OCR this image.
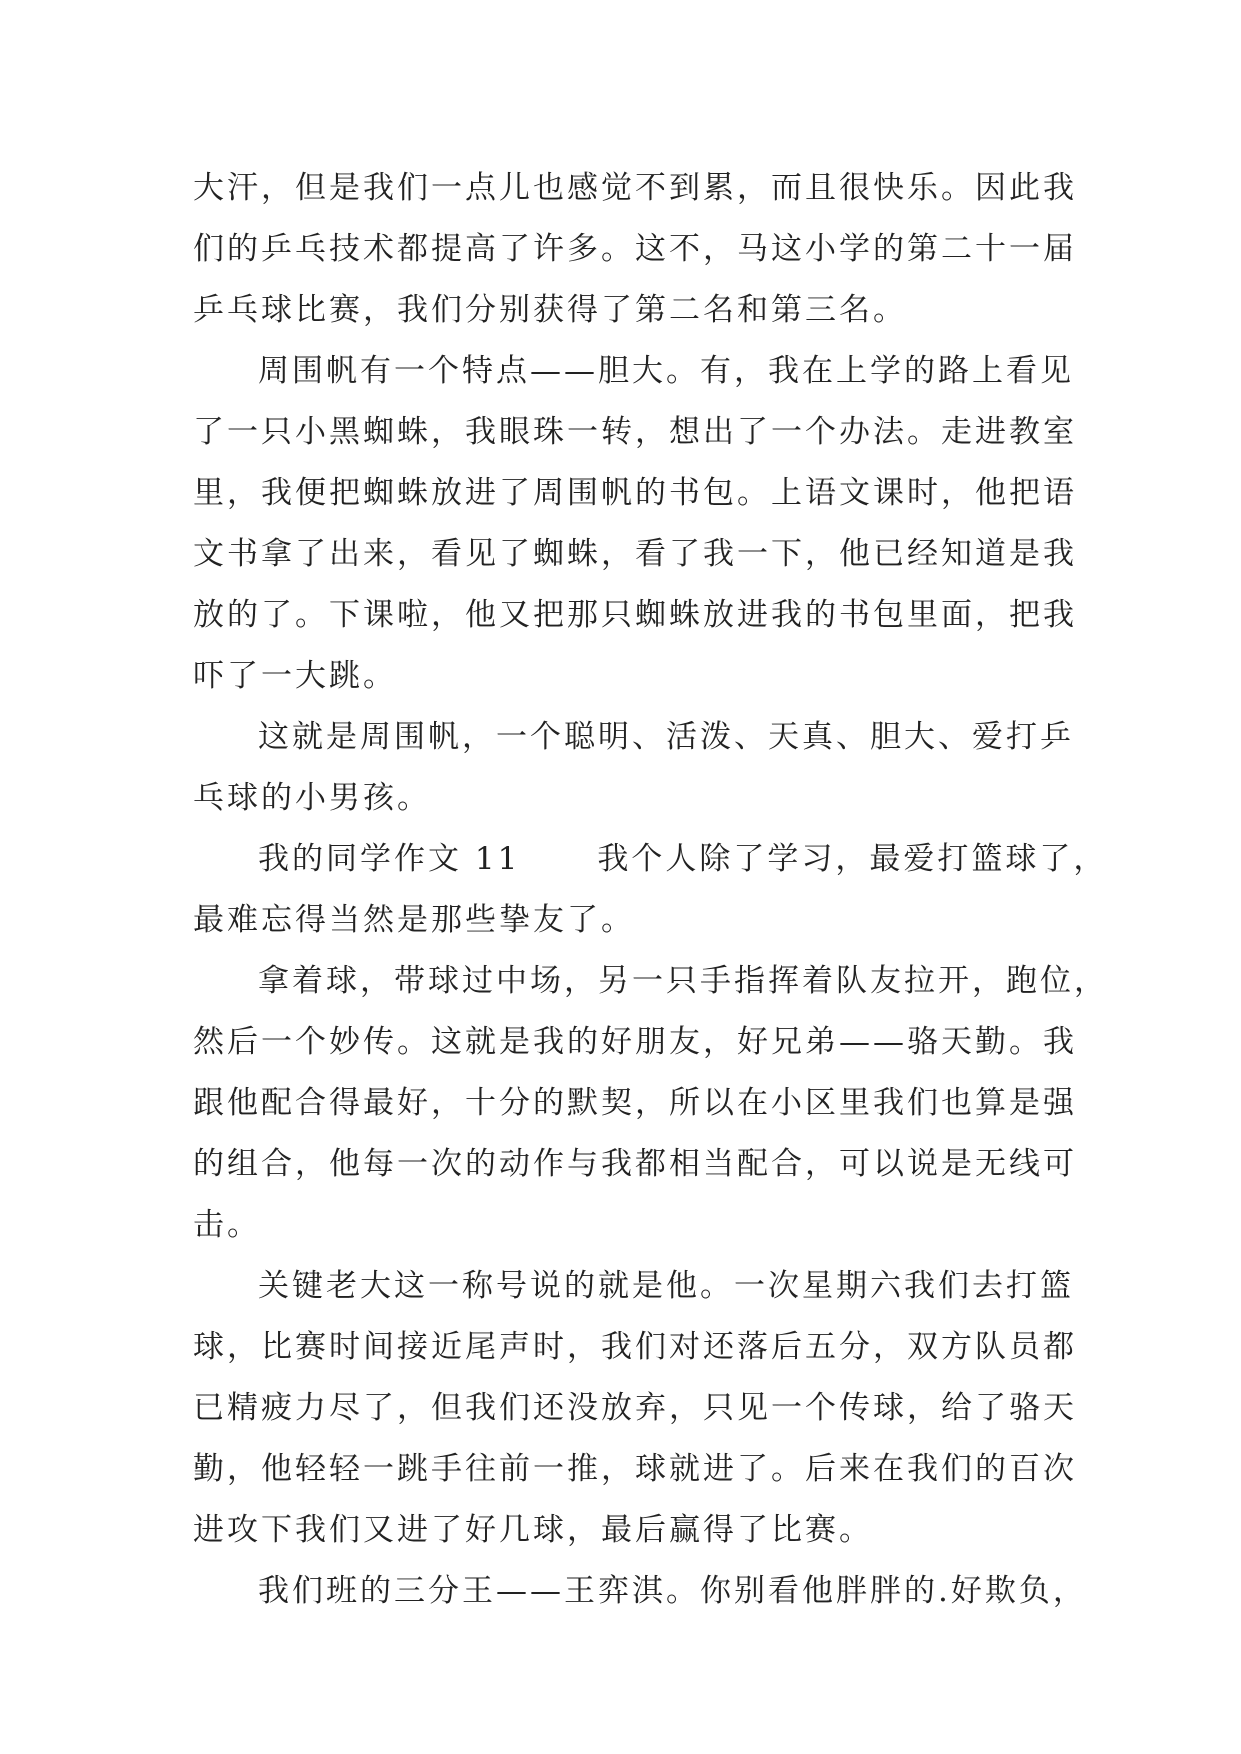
大汗，但是我们一点儿也感觉不到累，而且很快乐。因此我
们的乒乓技术都提高了许多。这不，马这小学的第二十一届
乒乓球比赛，我们分别获得了第二名和第三名。
周围帆有一个特点——胆大。有，我在上学的路上看见
了一只小黑蜘蛛，我眼珠一转，想出了一个办法。走进教室
里，我便把蜘蛛放进了周围帆的书包。上语文课时，他把语
文书拿了出来，看见了蜘蛛，看了我一下，他已经知道是我
放的了。下课啦，他又把那只蜘蛛放进我的书包里面，把我
吓了一大跳。
这就是周围帆，一个聪明、活泼、天真、胆大、爱打乒
乓球的小男孩。
我的同学作文 11      我个人除了学习，最爱打篮球了，
最难忘得当然是那些挚友了。
拿着球，带球过中场，另一只手指挥着队友拉开，跑位，
然后一个妙传。这就是我的好朋友，好兄弟——骆天勤。我
跟他配合得最好，十分的默契，所以在小区里我们也算是强
的组合，他每一次的动作与我都相当配合，可以说是无线可
击。
关键老大这一称号说的就是他。一次星期六我们去打篮
球，比赛时间接近尾声时，我们对还落后五分，双方队员都
已精疲力尽了，但我们还没放弃，只见一个传球，给了骆天
勤，他轻轻一跳手往前一推，球就进了。后来在我们的百次
进攻下我们又进了好几球，最后赢得了比赛。
我们班的三分王——王弈淇。你别看他胖胖的.好欺负，
